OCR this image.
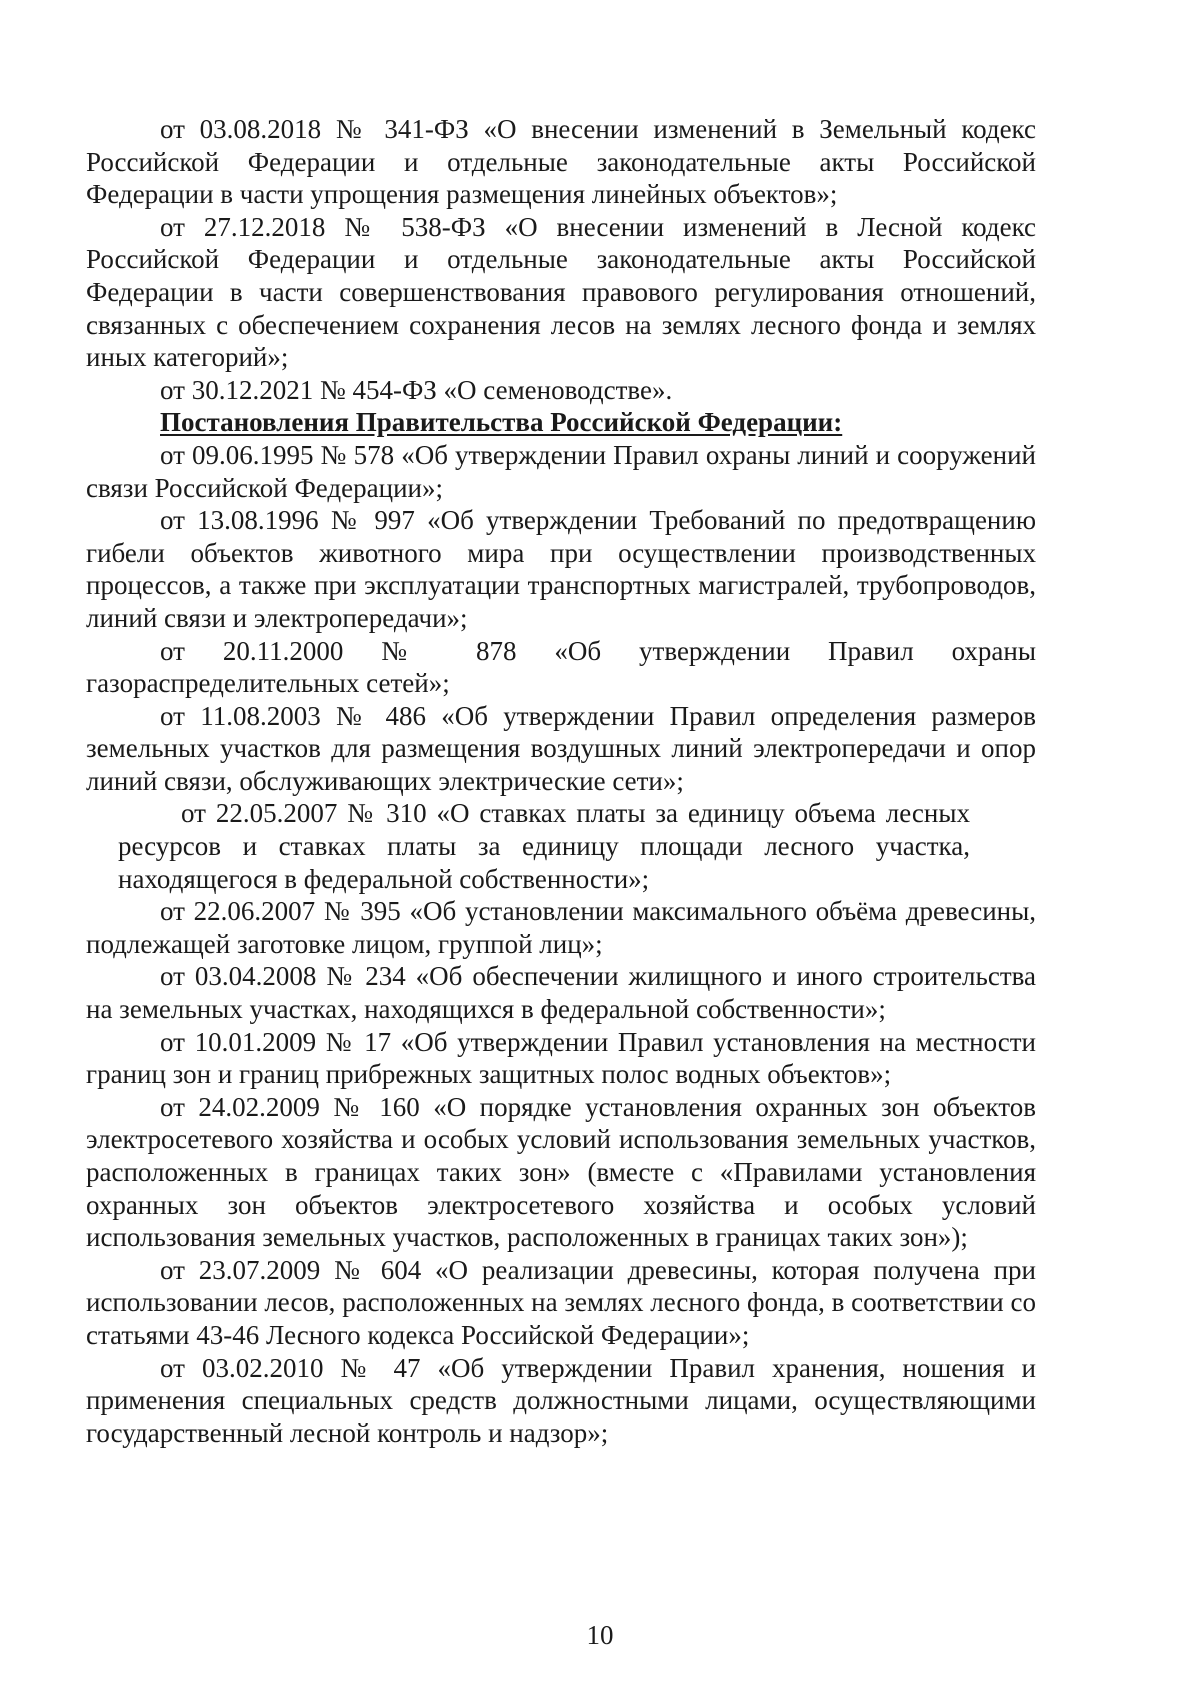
от 03.08.2018 № 341-ФЗ «О внесении изменений в Земельный кодекс Российской Федерации и отдельные законодательные акты Российской Федерации в части упрощения размещения линейных объектов»;

от 27.12.2018 № 538-ФЗ «О внесении изменений в Лесной кодекс Российской Федерации и отдельные законодательные акты Российской Федерации в части совершенствования правового регулирования отношений, связанных с обеспечением сохранения лесов на землях лесного фонда и землях иных категорий»;

от 30.12.2021 № 454-ФЗ «О семеноводстве».

Постановления Правительства Российской Федерации:

от 09.06.1995 № 578 «Об утверждении Правил охраны линий и сооружений связи Российской Федерации»;

от 13.08.1996 № 997 «Об утверждении Требований по предотвращению гибели объектов животного мира при осуществлении производственных процессов, а также при эксплуатации транспортных магистралей, трубопроводов, линий связи и электропередачи»;

от 20.11.2000 № 878 «Об утверждении Правил охраны газораспределительных сетей»;

от 11.08.2003 № 486 «Об утверждении Правил определения размеров земельных участков для размещения воздушных линий электропередачи и опор линий связи, обслуживающих электрические сети»;

от 22.05.2007 № 310 «О ставках платы за единицу объема лесных ресурсов и ставках платы за единицу площади лесного участка, находящегося в федеральной собственности»;

от 22.06.2007 № 395 «Об установлении максимального объёма древесины, подлежащей заготовке лицом, группой лиц»;

от 03.04.2008 № 234 «Об обеспечении жилищного и иного строительства на земельных участках, находящихся в федеральной собственности»;

от 10.01.2009 № 17 «Об утверждении Правил установления на местности границ зон и границ прибрежных защитных полос водных объектов»;

от 24.02.2009 № 160 «О порядке установления охранных зон объектов электросетевого хозяйства и особых условий использования земельных участков, расположенных в границах таких зон» (вместе с «Правилами установления охранных зон объектов электросетевого хозяйства и особых условий использования земельных участков, расположенных в границах таких зон»);

от 23.07.2009 № 604 «О реализации древесины, которая получена при использовании лесов, расположенных на землях лесного фонда, в соответствии со статьями 43-46 Лесного кодекса Российской Федерации»;

от 03.02.2010 № 47 «Об утверждении Правил хранения, ношения и применения специальных средств должностными лицами, осуществляющими государственный лесной контроль и надзор»;

10
